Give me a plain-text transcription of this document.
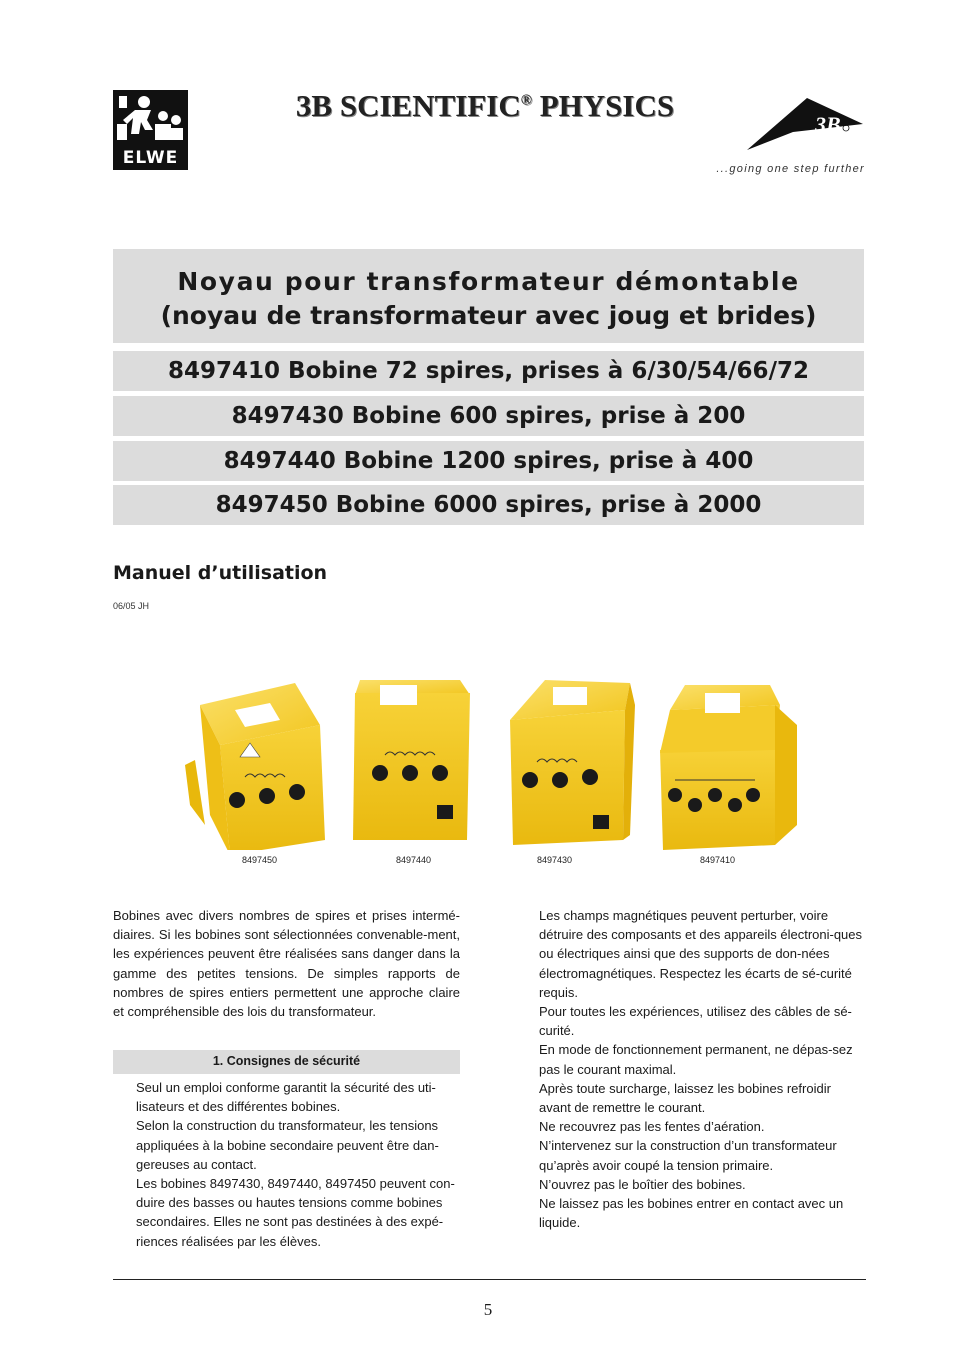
ELWE
3B SCIENTIFIC® PHYSICS
3B
...going one step further
Noyau pour transformateur démontable
(noyau de transformateur avec joug et brides)
8497410 Bobine 72 spires, prises à 6/30/54/66/72
8497430 Bobine 600 spires, prise à 200
8497440 Bobine 1200 spires, prise à 400
8497450 Bobine 6000 spires, prise à 2000
Manuel d’utilisation
06/05 JH
8497450	8497440	8497430	8497410
Bobines avec divers nombres de spires et prises intermé-diaires. Si les bobines sont sélectionnées convenable-ment, les expériences peuvent être réalisées sans danger dans la gamme des petites tensions. De simples rapports de nombres de spires entiers permettent une approche claire et compréhensible des lois du transformateur.
1. Consignes de sécurité

Seul un emploi conforme garantit la sécurité des uti-lisateurs et des différentes bobines.

Selon la construction du transformateur, les tensions appliquées à la bobine secondaire peuvent être dan-gereuses au contact.

Les bobines 8497430, 8497440, 8497450 peuvent con-duire des basses ou hautes tensions comme bobines secondaires. Elles ne sont pas destinées à des expé-riences réalisées par les élèves.

Les champs magnétiques peuvent perturber, voire détruire des composants et des appareils électroni-ques ou électriques ainsi que des supports de don-nées électromagnétiques. Respectez les écarts de sé-curité requis.

Pour toutes les expériences, utilisez des câbles de sé-curité.

En mode de fonctionnement permanent, ne dépas-sez pas le courant maximal.

Après toute surcharge, laissez les bobines refroidir avant de remettre le courant.

Ne recouvrez pas les fentes d’aération.

N’intervenez sur la construction d’un transformateur qu’après avoir coupé la tension primaire.

N’ouvrez pas le boîtier des bobines.

Ne laissez pas les bobines entrer en contact avec un liquide.

5
